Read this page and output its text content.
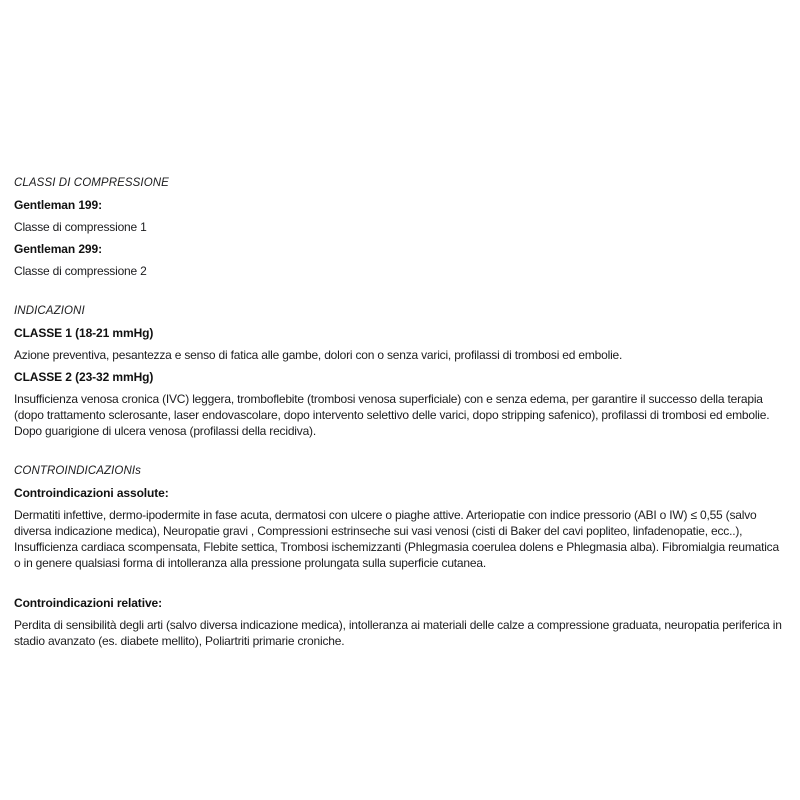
CLASSI DI COMPRESSIONE
Gentleman 199:

Classe di compressione 1

Gentleman 299:

Classe di compressione 2

INDICAZIONI
CLASSE 1 (18-21 mmHg)

Azione preventiva, pesantezza e senso di fatica alle gambe, dolori con o senza varici, profilassi di trombosi ed embolie.

CLASSE 2 (23-32 mmHg)

Insufficienza venosa cronica (IVC) leggera, tromboflebite (trombosi venosa superficiale) con e senza edema, per garantire il successo della terapia (dopo trattamento sclerosante, laser endovascolare, dopo intervento selettivo delle varici, dopo stripping safenico), profilassi di trombosi ed embolie. Dopo guarigione di ulcera venosa (profilassi della recidiva).

CONTROINDICAZIONIs
Controindicazioni assolute:

Dermatiti infettive, dermo-ipodermite in fase acuta, dermatosi con ulcere o piaghe attive. Arteriopatie con indice pressorio (ABI o IW) ≤ 0,55 (salvo diversa indicazione medica), Neuropatie gravi , Compressioni estrinseche sui vasi venosi (cisti di Baker del cavi popliteo, linfadenopatie, ecc..), Insufficienza cardiaca scompensata, Flebite settica, Trombosi ischemizzanti (Phlegmasia coerulea dolens e Phlegmasia alba). Fibromialgia reumatica o in genere qualsiasi forma di intolleranza alla pressione prolungata sulla superficie cutanea.

Controindicazioni relative:

Perdita di sensibilità degli arti (salvo diversa indicazione medica), intolleranza ai materiali delle calze a compressione graduata, neuropatia periferica in stadio avanzato (es. diabete mellito), Poliartriti primarie croniche.
